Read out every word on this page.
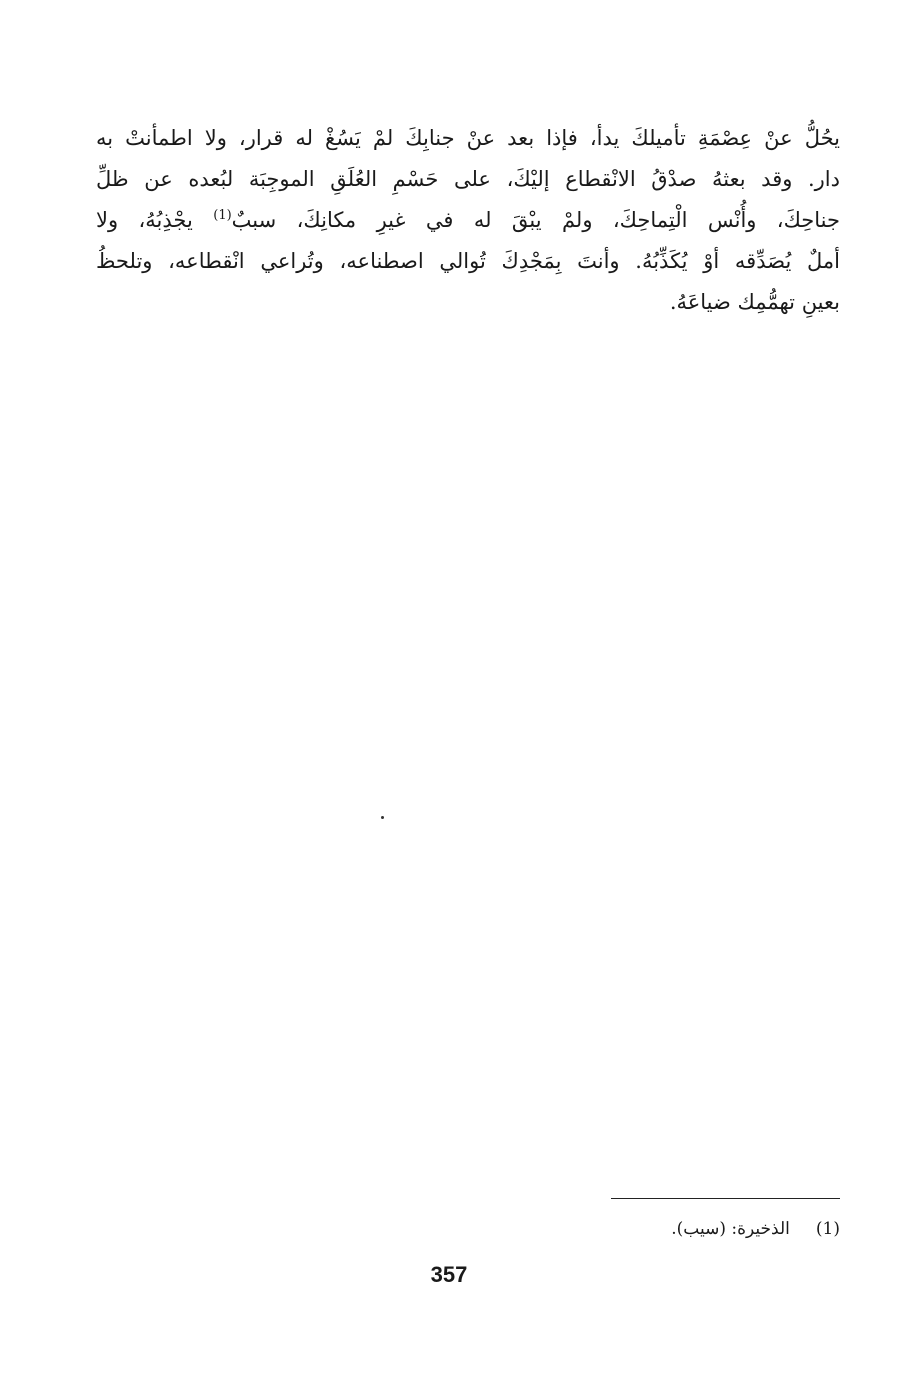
يحُلُّ عنْ عِصْمَةِ تأميلكَ يدأ، فإذا بعد عنْ جنابِكَ لمْ يَسُغْ له قرار، ولا اطمأنتْ به
دار. وقد بعثهُ صدْقُ الانْقطاع إليْكَ، على حَسْمِ العُلَقِ الموجِبَة لبُعده عن ظلِّ
جناحِكَ، وأُنْس الْتِماحِكَ، ولمْ يبْقَ له في غيرِ مكانِكَ، سببٌ$^{(1)}$ يجْذِبُهُ، ولا
أملٌ يُصَدِّقه أوْ يُكَذِّبُهُ. وأنتَ بِمَجْدِكَ تُوالي اصطناعه، وتُراعي انْقطاعه، وتلحظُ
بعينِ تهمُّمِك ضياعَهُ.
(1)الذخيرة: (سيب).
357
